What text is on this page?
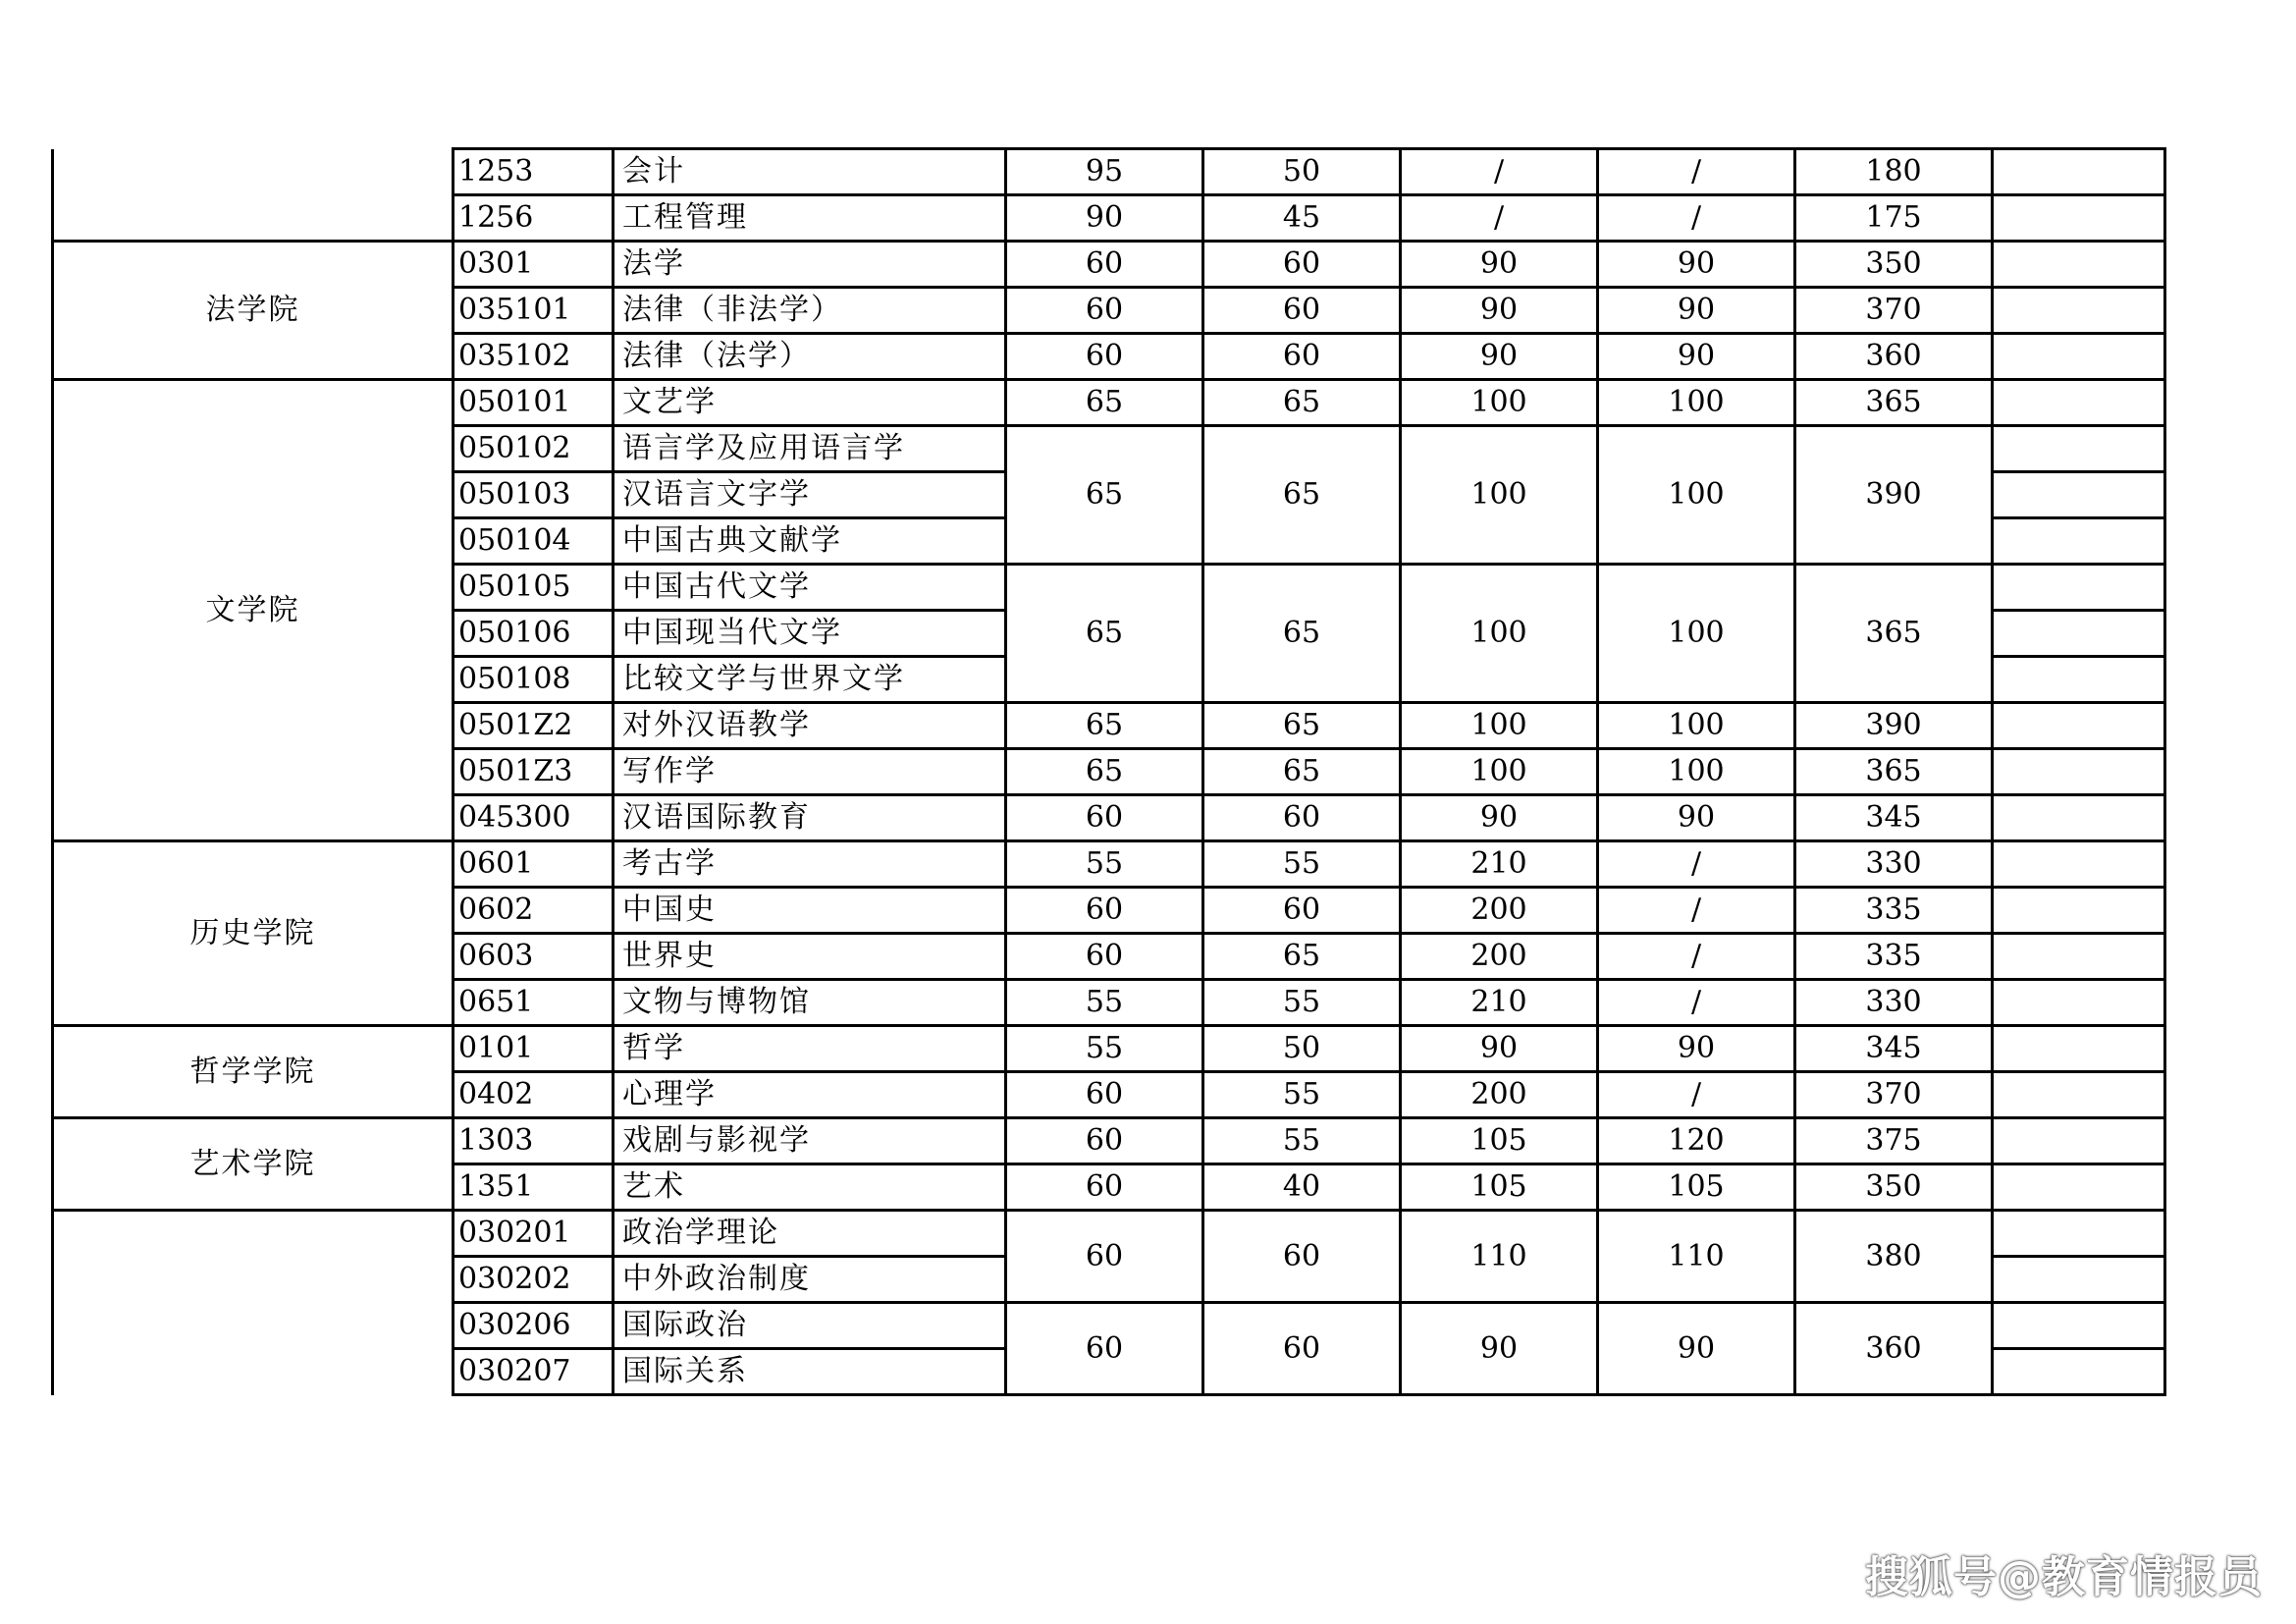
	1253	会计	95	50	/	/	180	
	1256	工程管理	90	45	/	/	175	
法学院	0301	法学	60	60	90	90	350	
	035101	法律（非法学）	60	60	90	90	370	
	035102	法律（法学）	60	60	90	90	360	
文学院	050101	文艺学	65	65	100	100	365	
	050102	语言学及应用语言学	65	65	100	100	390	
	050103	汉语言文字学						
	050104	中国古典文献学						
	050105	中国古代文学	65	65	100	100	365	
	050106	中国现当代文学						
	050108	比较文学与世界文学						
	0501Z2	对外汉语教学	65	65	100	100	390	
	0501Z3	写作学	65	65	100	100	365	
	045300	汉语国际教育	60	60	90	90	345	
历史学院	0601	考古学	55	55	210	/	330	
	0602	中国史	60	60	200	/	335	
	0603	世界史	60	65	200	/	335	
	0651	文物与博物馆	55	55	210	/	330	
哲学学院	0101	哲学	55	50	90	90	345	
	0402	心理学	60	55	200	/	370	
艺术学院	1303	戏剧与影视学	60	55	105	120	375	
	1351	艺术	60	40	105	105	350	
	030201	政治学理论	60	60	110	110	380	
	030202	中外政治制度						
	030206	国际政治	60	60	90	90	360	
	030207	国际关系						
搜狐号@教育情报员
